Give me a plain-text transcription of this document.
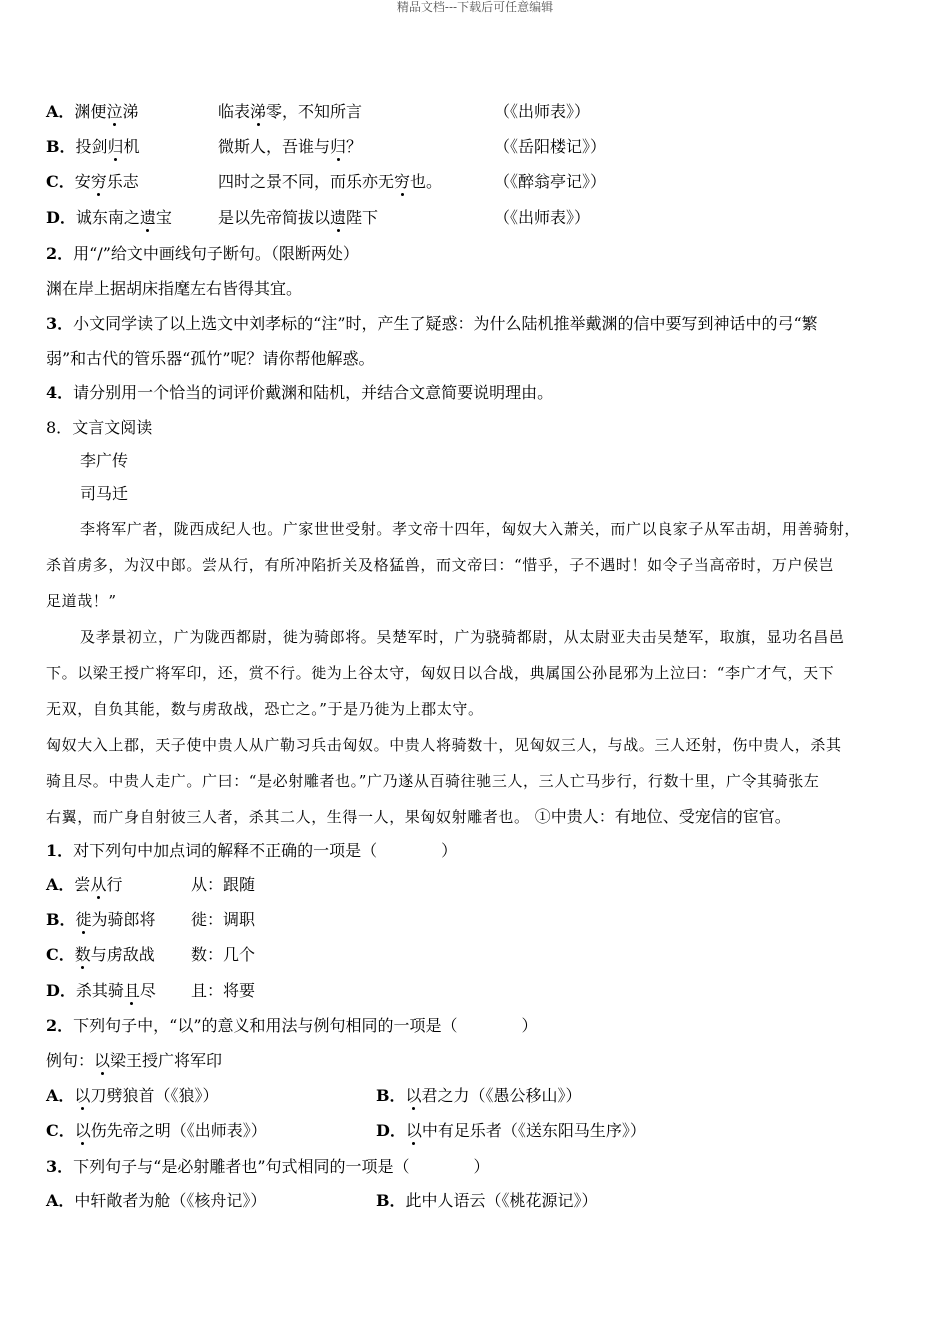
精品文档---下载后可任意编辑
A．渊便泣涕	临表涕零，不知所言	（《出师表》）
B．投剑归机	微斯人，吾谁与归？	（《岳阳楼记》）
C．安穷乐志	四时之景不同，而乐亦无穷也。	（《醉翁亭记》）
D．诚东南之遗宝	是以先帝简拔以遗陛下	（《出师表》）
2．用“/”给文中画线句子断句。（限断两处）
渊在岸上据胡床指麾左右皆得其宜。
3．小文同学读了以上选文中刘孝标的“注”时，产生了疑惑：为什么陆机推举戴渊的信中要写到神话中的弓“繁
弱”和古代的管乐器“孤竹”呢？请你帮他解惑。
4．请分别用一个恰当的词评价戴渊和陆机，并结合文意简要说明理由。
8．文言文阅读
李广传
司马迁
李将军广者，陇西成纪人也。广家世世受射。孝文帝十四年，匈奴大入萧关，而广以良家子从军击胡，用善骑射，
杀首虏多，为汉中郎。尝从行，有所冲陷折关及格猛兽，而文帝曰：“惜乎，子不遇时！如令子当高帝时，万户侯岂
足道哉！”
及孝景初立，广为陇西都尉，徙为骑郎将。吴楚军时，广为骁骑都尉，从太尉亚夫击吴楚军，取旗，显功名昌邑
下。以梁王授广将军印，还，赏不行。徙为上谷太守，匈奴日以合战，典属国公孙昆邪为上泣曰：“李广才气，天下
无双，自负其能，数与虏敌战，恐亡之。”于是乃徙为上郡太守。
匈奴大入上郡，天子使中贵人从广勒习兵击匈奴。中贵人将骑数十，见匈奴三人，与战。三人还射，伤中贵人，杀其
骑且尽。中贵人走广。广曰：“是必射雕者也。”广乃遂从百骑往驰三人，三人亡马步行，行数十里，广令其骑张左
右翼，而广身自射彼三人者，杀其二人，生得一人，果匈奴射雕者也。 ①中贵人：有地位、受宠信的宦官。
1．对下列句中加点词的解释不正确的一项是（　　　　）
A．尝从行	从：跟随
B．徙为骑郎将 徙：调职
C．数与虏敌战 数：几个
D．杀其骑且尽 且：将要
2．下列句子中，“以”的意义和用法与例句相同的一项是（　　　　）
例句：以梁王授广将军印
A．以刀劈狼首（《狼》）	B．以君之力（《愚公移山》）
C．以伤先帝之明（《出师表》）	D．以中有足乐者（《送东阳马生序》）
3．下列句子与“是必射雕者也”句式相同的一项是（　　　　）
A．中轩敞者为舱（《核舟记》）	B．此中人语云（《桃花源记》）
